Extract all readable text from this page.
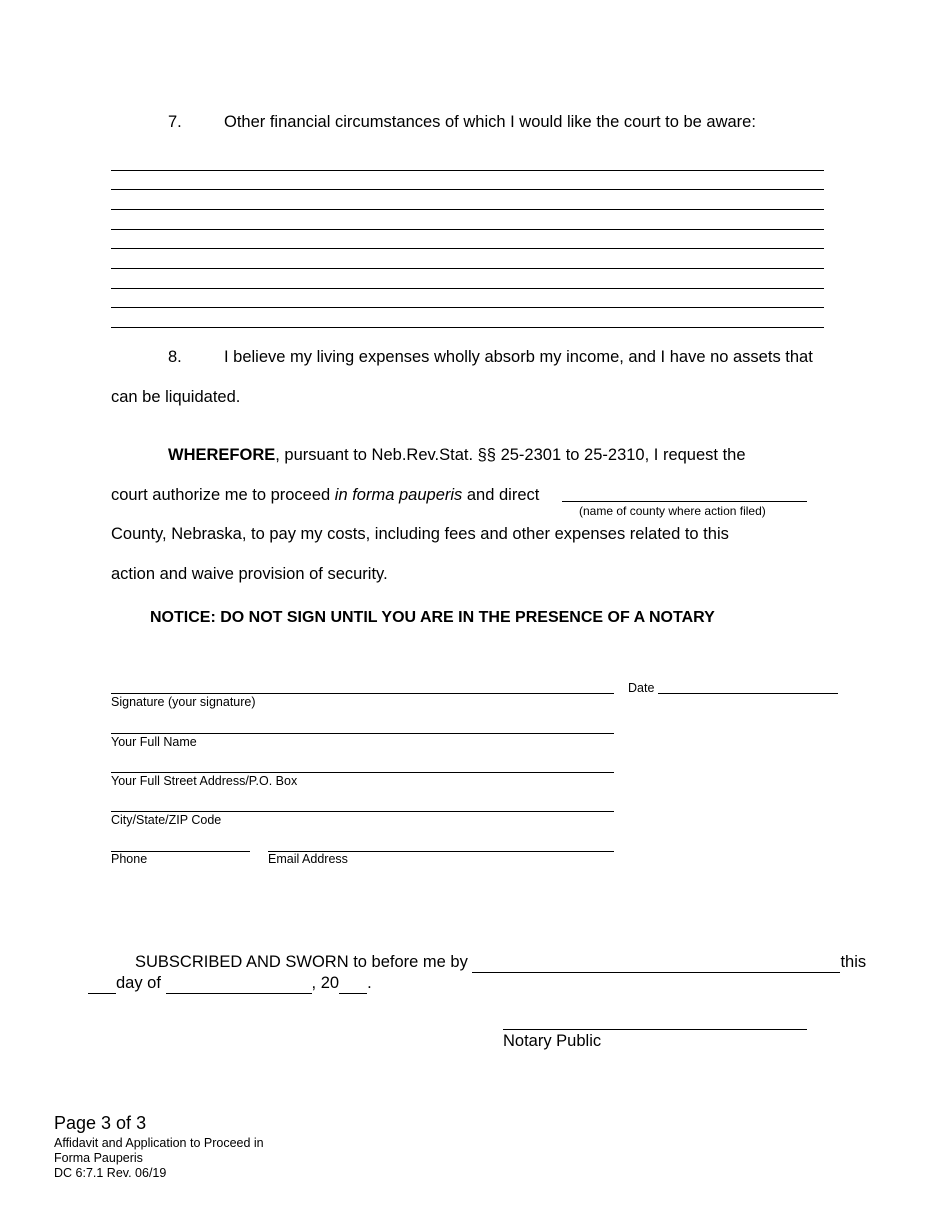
7.	Other financial circumstances of which I would like the court to be aware:
8.	I believe my living expenses wholly absorb my income, and I have no assets that
can be liquidated.
WHEREFORE, pursuant to Neb.Rev.Stat. §§ 25-2301 to 25-2310, I request the
court authorize me to proceed in forma pauperis and direct
(name of county where action filed)
County, Nebraska, to pay my costs, including fees and other expenses related to this
action and waive provision of security.
NOTICE: DO NOT SIGN UNTIL YOU ARE IN THE PRESENCE OF A NOTARY
Signature (your signature)
Date
Your Full Name
Your Full Street Address/P.O. Box
City/State/ZIP Code
Phone	Email Address
SUBSCRIBED AND SWORN to before me by	this
day of	, 20 .
Notary Public
Page 3 of 3
Affidavit and Application to Proceed in
Forma Pauperis
DC 6:7.1 Rev. 06/19
